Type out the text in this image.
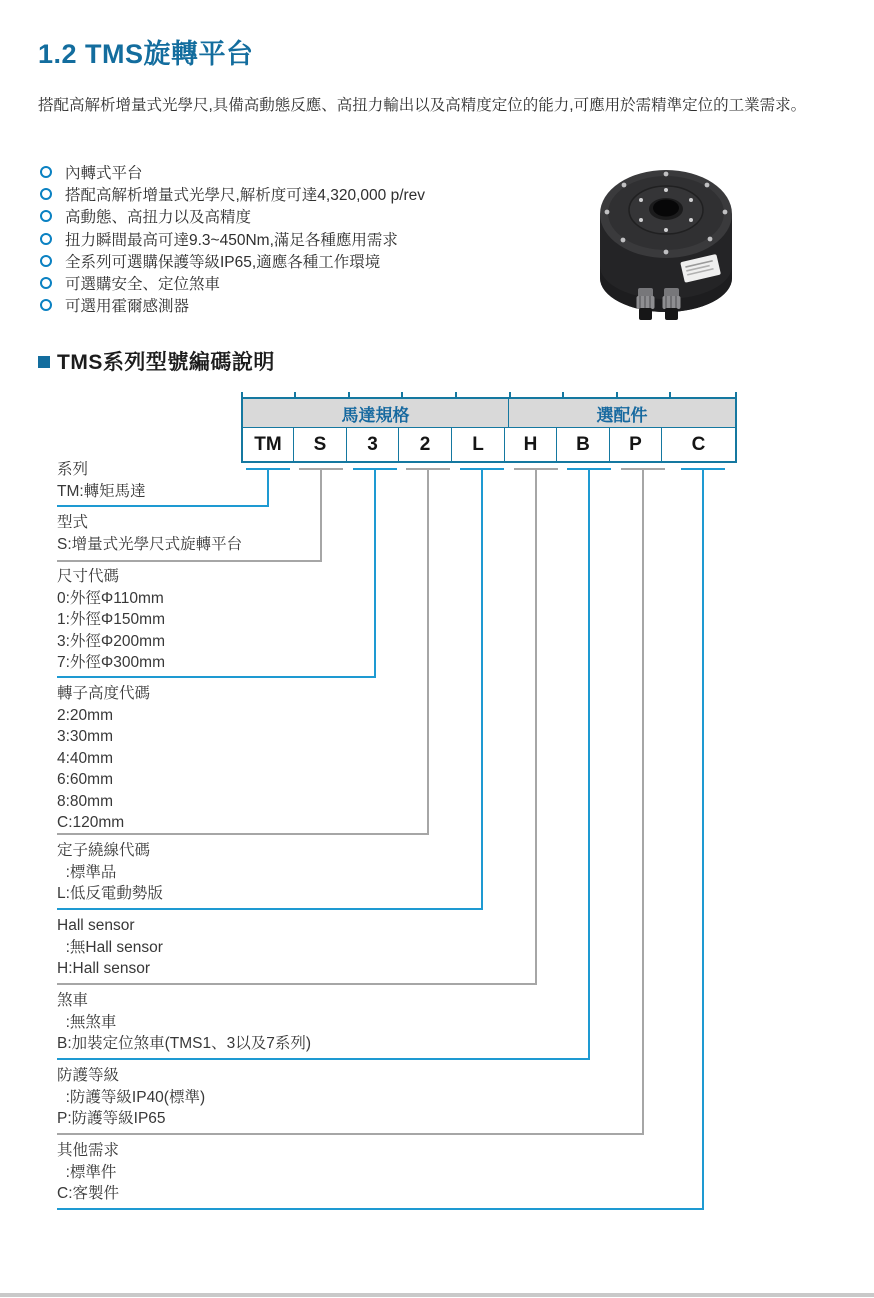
1.2 TMS旋轉平台
搭配高解析增量式光學尺,具備高動態反應、高扭力輸出以及高精度定位的能力,可應用於需精準定位的工業需求。
內轉式平台
搭配高解析增量式光學尺,解析度可達4,320,000 p/rev
高動態、高扭力以及高精度
扭力瞬間最高可達9.3~450Nm,滿足各種應用需求
全系列可選購保護等級IP65,適應各種工作環境
可選購安全、定位煞車
可選用霍爾感測器
TMS系列型號編碼說明
馬達規格	選配件
TM	S	3	2	L	H	B	P	C
系列
TM:轉矩馬達
型式
S:增量式光學尺式旋轉平台
尺寸代碼
0:外徑Φ110mm
1:外徑Φ150mm
3:外徑Φ200mm
7:外徑Φ300mm
轉子高度代碼
2:20mm
3:30mm
4:40mm
6:60mm
8:80mm
C:120mm
定子繞線代碼
:標準品
L:低反電動勢版
Hall sensor
:無Hall sensor
H:Hall sensor
煞車
:無煞車
B:加裝定位煞車(TMS1、3以及7系列)
防護等級
:防護等級IP40(標準)
P:防護等級IP65
其他需求
:標準件
C:客製件
